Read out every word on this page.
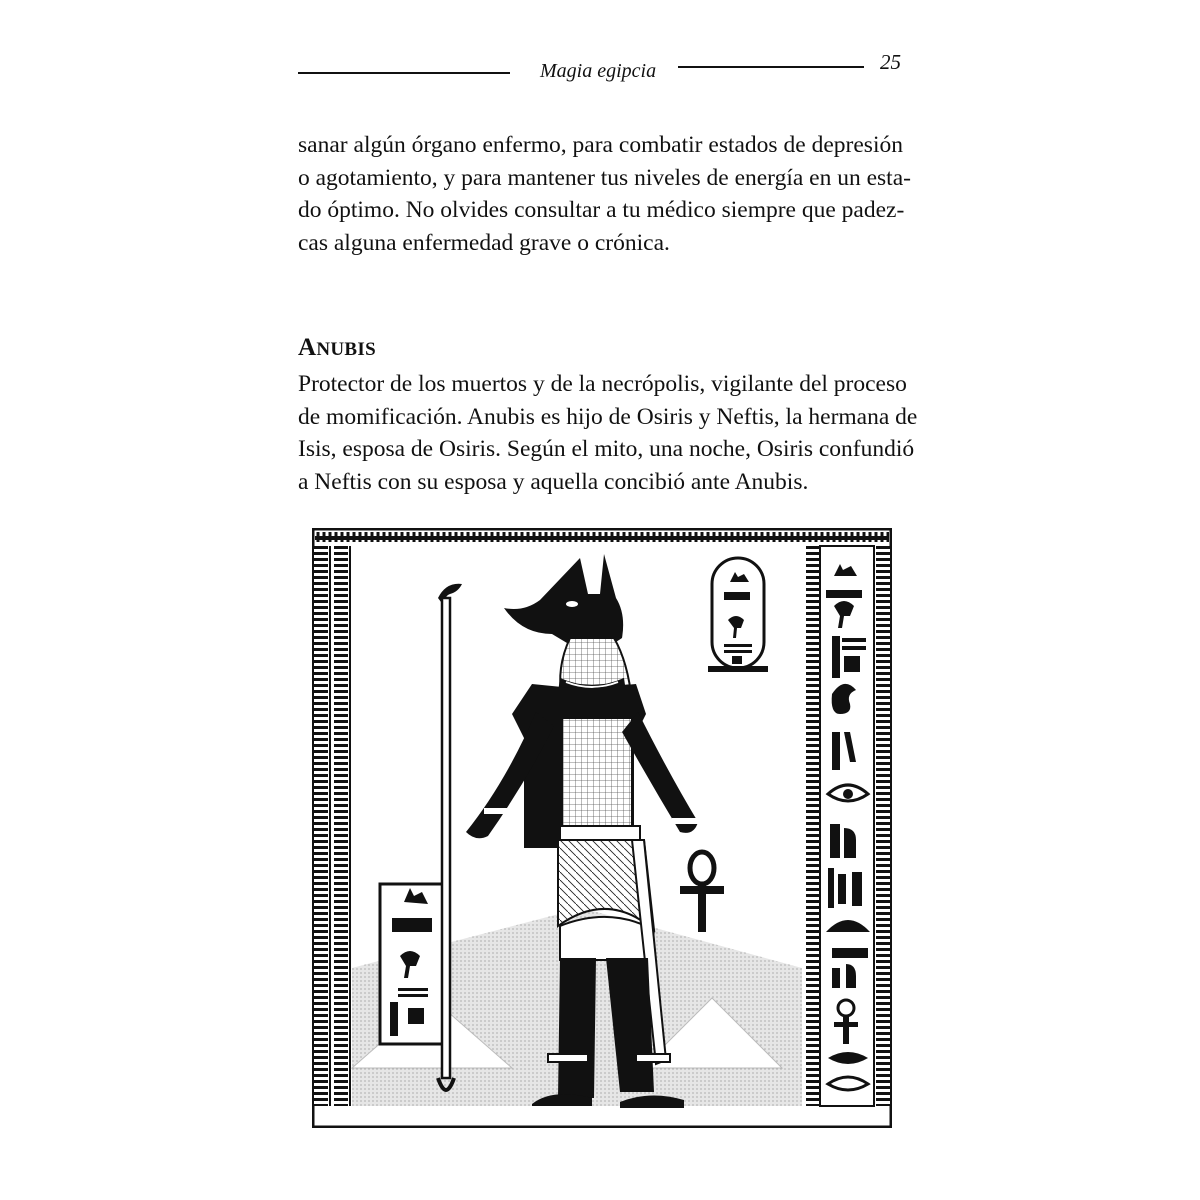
Magia egipcia	25
sanar algún órgano enfermo, para combatir estados de depresión
o agotamiento, y para mantener tus niveles de energía en un esta-
do óptimo. No olvides consultar a tu médico siempre que padez-
cas alguna enfermedad grave o crónica.
ANUBIS
Protector de los muertos y de la necrópolis, vigilante del proceso
de momificación. Anubis es hijo de Osiris y Neftis, la hermana de
Isis, esposa de Osiris. Según el mito, una noche, Osiris confundió
a Neftis con su esposa y aquella concibió ante Anubis.
